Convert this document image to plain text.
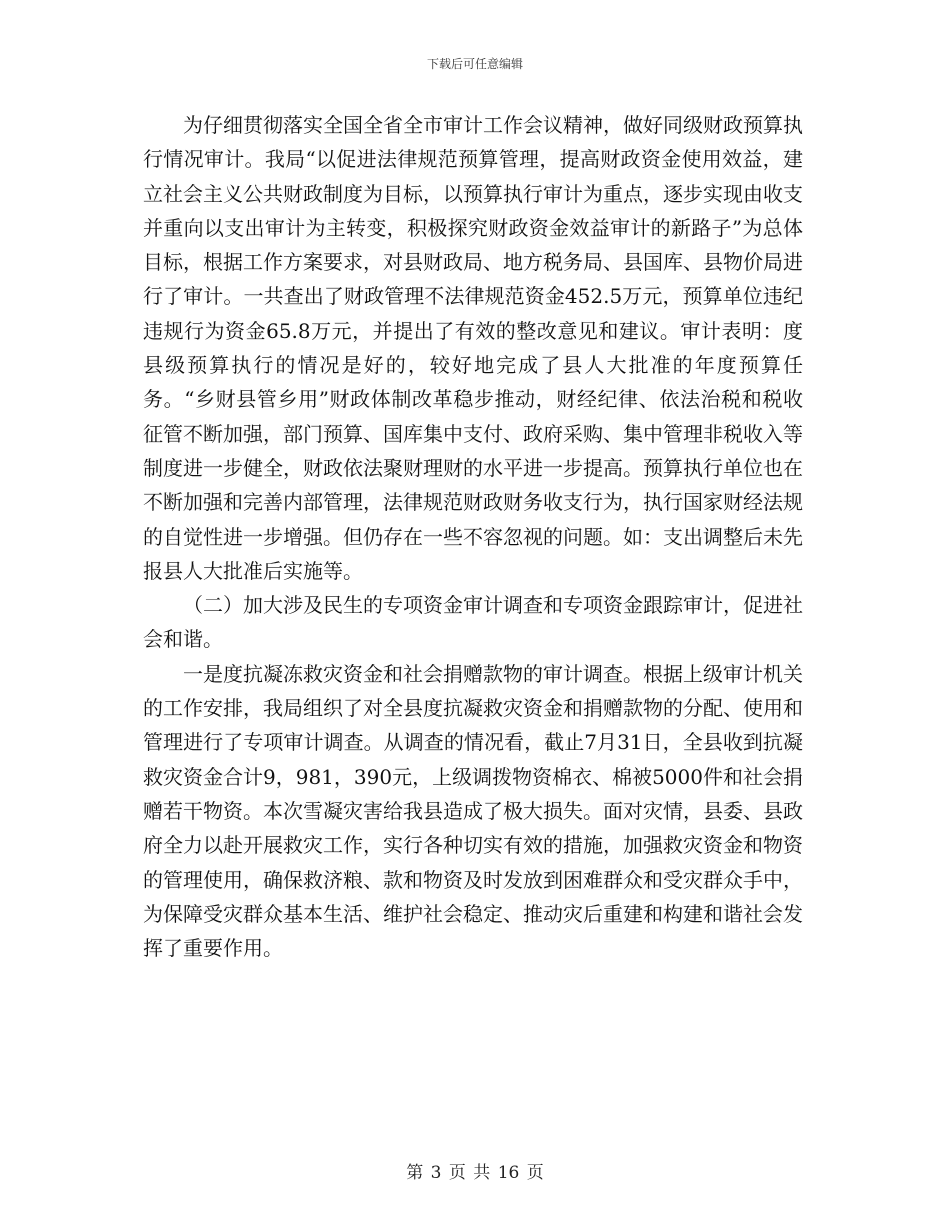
下载后可任意编辑

为仔细贯彻落实全国全省全市审计工作会议精神，做好同级财政预算执行情况审计。我局“以促进法律规范预算管理，提高财政资金使用效益，建立社会主义公共财政制度为目标，以预算执行审计为重点，逐步实现由收支并重向以支出审计为主转变，积极探究财政资金效益审计的新路子”为总体目标，根据工作方案要求，对县财政局、地方税务局、县国库、县物价局进行了审计。一共查出了财政管理不法律规范资金452.5万元，预算单位违纪违规行为资金65.8万元，并提出了有效的整改意见和建议。审计表明：度县级预算执行的情况是好的，较好地完成了县人大批准的年度预算任务。“乡财县管乡用”财政体制改革稳步推动，财经纪律、依法治税和税收征管不断加强，部门预算、国库集中支付、政府采购、集中管理非税收入等制度进一步健全，财政依法聚财理财的水平进一步提高。预算执行单位也在不断加强和完善内部管理，法律规范财政财务收支行为，执行国家财经法规的自觉性进一步增强。但仍存在一些不容忽视的问题。如：支出调整后未先报县人大批准后实施等。

（二）加大涉及民生的专项资金审计调查和专项资金跟踪审计，促进社会和谐。

一是度抗凝冻救灾资金和社会捐赠款物的审计调查。根据上级审计机关的工作安排，我局组织了对全县度抗凝救灾资金和捐赠款物的分配、使用和管理进行了专项审计调查。从调查的情况看，截止7月31日，全县收到抗凝救灾资金合计9，981，390元，上级调拨物资棉衣、棉被5000件和社会捐赠若干物资。本次雪凝灾害给我县造成了极大损失。面对灾情，县委、县政府全力以赴开展救灾工作，实行各种切实有效的措施，加强救灾资金和物资的管理使用，确保救济粮、款和物资及时发放到困难群众和受灾群众手中，为保障受灾群众基本生活、维护社会稳定、推动灾后重建和构建和谐社会发挥了重要作用。

第 3 页 共 16 页
